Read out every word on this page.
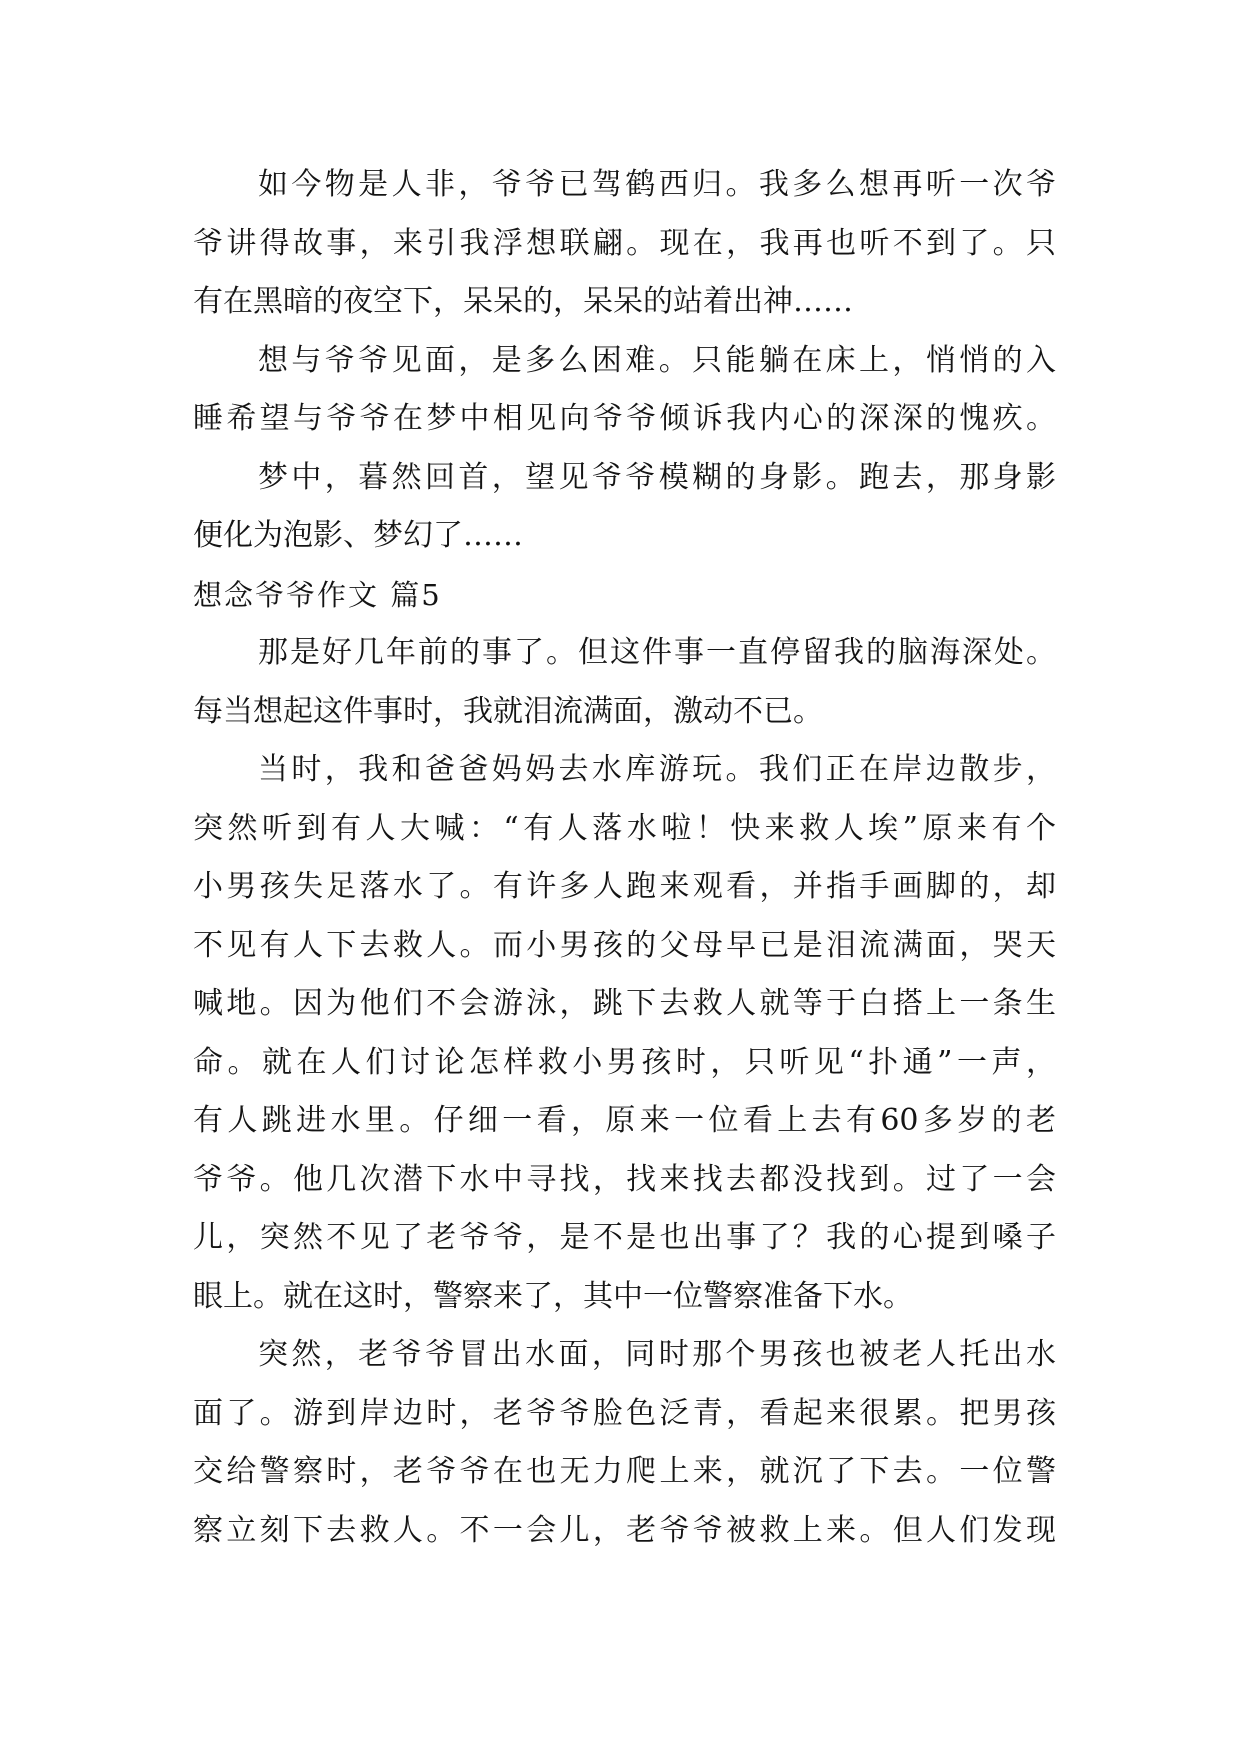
如今物是人非，爷爷已驾鹤西归。我多么想再听一次爷
爷讲得故事，来引我浮想联翩。现在，我再也听不到了。只
有在黑暗的夜空下，呆呆的，呆呆的站着出神……
想与爷爷见面，是多么困难。只能躺在床上，悄悄的入
睡希望与爷爷在梦中相见向爷爷倾诉我内心的深深的愧疚。
梦中，暮然回首，望见爷爷模糊的身影。跑去，那身影
便化为泡影、梦幻了……
想念爷爷作文 篇5
那是好几年前的事了。但这件事一直停留我的脑海深处。
每当想起这件事时，我就泪流满面，激动不已。
当时，我和爸爸妈妈去水库游玩。我们正在岸边散步，
突然听到有人大喊：“有人落水啦！快来救人埃”原来有个
小男孩失足落水了。有许多人跑来观看，并指手画脚的，却
不见有人下去救人。而小男孩的父母早已是泪流满面，哭天
喊地。因为他们不会游泳，跳下去救人就等于白搭上一条生
命。就在人们讨论怎样救小男孩时，只听见“扑通”一声，
有人跳进水里。仔细一看，原来一位看上去有60多岁的老
爷爷。他几次潜下水中寻找，找来找去都没找到。过了一会
儿，突然不见了老爷爷，是不是也出事了？我的心提到嗓子
眼上。就在这时，警察来了，其中一位警察准备下水。
突然，老爷爷冒出水面，同时那个男孩也被老人托出水
面了。游到岸边时，老爷爷脸色泛青，看起来很累。把男孩
交给警察时，老爷爷在也无力爬上来，就沉了下去。一位警
察立刻下去救人。不一会儿，老爷爷被救上来。但人们发现
